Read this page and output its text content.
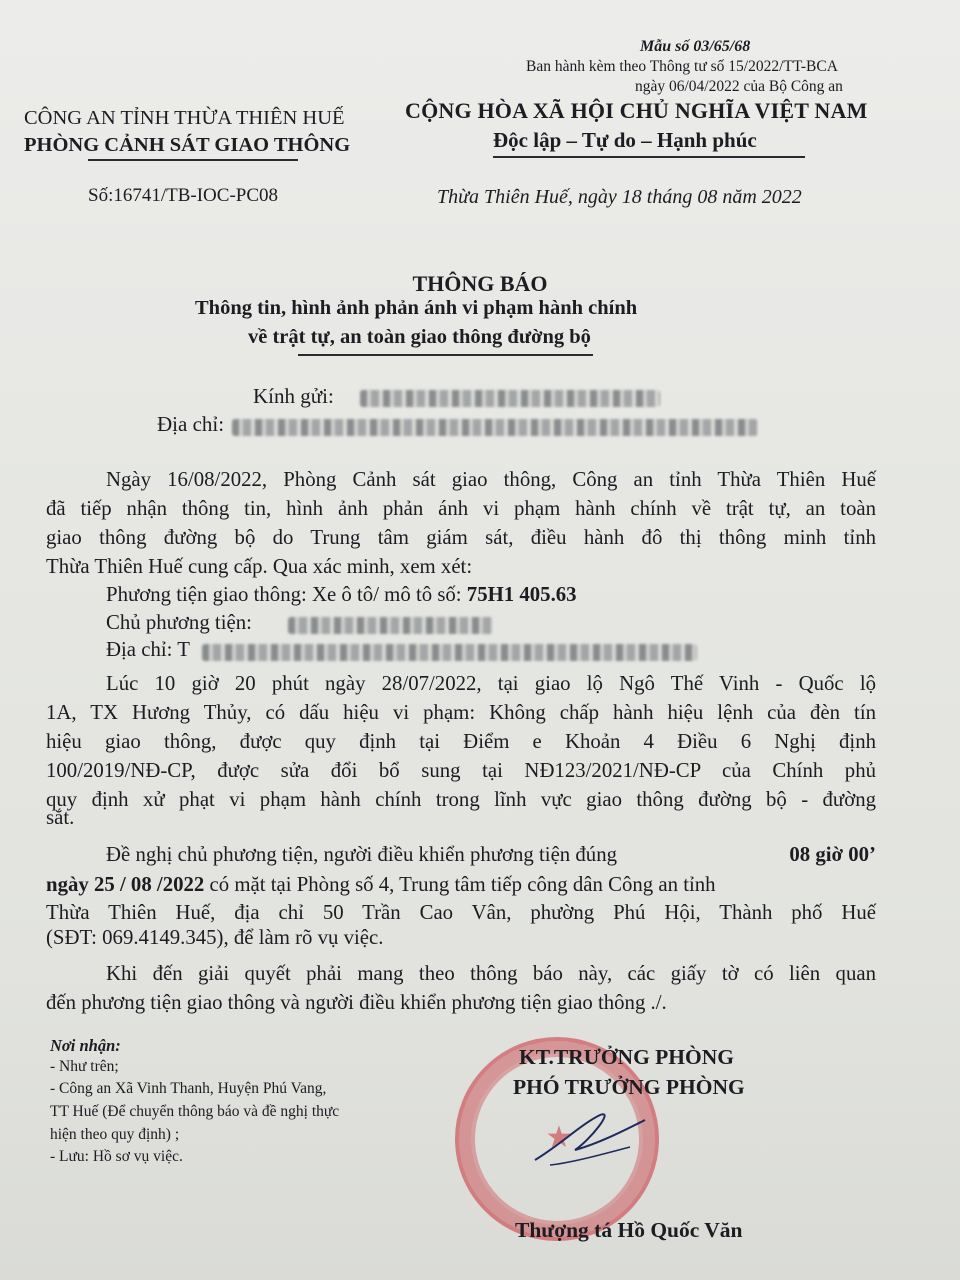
Mẫu số 03/65/68
Ban hành kèm theo Thông tư số 15/2022/TT-BCA
ngày 06/04/2022 của Bộ Công an
CÔNG AN TỈNH THỪA THIÊN HUẾ
PHÒNG CẢNH SÁT GIAO THÔNG
CỘNG HÒA XÃ HỘI CHỦ NGHĨA VIỆT NAM
Độc lập – Tự do – Hạnh phúc
Số:16741/TB-IOC-PC08	Thừa Thiên Huế, ngày 18 tháng 08 năm 2022
THÔNG BÁO
Thông tin, hình ảnh phản ánh vi phạm hành chính
về trật tự, an toàn giao thông đường bộ
Kính gửi:
Địa chỉ:
Ngày 16/08/2022, Phòng Cảnh sát giao thông, Công an tỉnh Thừa Thiên Huế
đã tiếp nhận thông tin, hình ảnh phản ánh vi phạm hành chính về trật tự, an toàn
giao thông đường bộ do Trung tâm giám sát, điều hành đô thị thông minh tỉnh
Thừa Thiên Huế cung cấp. Qua xác minh, xem xét:
Phương tiện giao thông: Xe ô tô/ mô tô số: 75H1 405.63
Chủ phương tiện:
Địa chỉ: T
Lúc 10 giờ 20 phút ngày 28/07/2022, tại giao lộ Ngô Thế Vinh - Quốc lộ
1A, TX Hương Thủy, có dấu hiệu vi phạm: Không chấp hành hiệu lệnh của đèn tín
hiệu giao thông, được quy định tại Điểm e Khoản 4 Điều 6 Nghị định
100/2019/NĐ-CP, được sửa đổi bổ sung tại NĐ123/2021/NĐ-CP của Chính phủ
quy định xử phạt vi phạm hành chính trong lĩnh vực giao thông đường bộ - đường
sắt.
Đề nghị chủ phương tiện, người điều khiển phương tiện đúng	08 giờ 00’
ngày 25 / 08 /2022 có mặt tại Phòng số 4, Trung tâm tiếp công dân Công an tỉnh
Thừa Thiên Huế, địa chỉ 50 Trần Cao Vân, phường Phú Hội, Thành phố Huế
(SĐT: 069.4149.345), để làm rõ vụ việc.
Khi đến giải quyết phải mang theo thông báo này, các giấy tờ có liên quan
đến phương tiện giao thông và người điều khiển phương tiện giao thông ./.
Nơi nhận:
- Như trên;
- Công an Xã Vinh Thanh, Huyện Phú Vang,
TT Huế (Để chuyển thông báo và đề nghị thực
hiện theo quy định) ;
- Lưu: Hồ sơ vụ việc.
★
KT.TRƯỞNG PHÒNG
PHÓ TRƯỞNG PHÒNG
Thượng tá Hồ Quốc Văn
